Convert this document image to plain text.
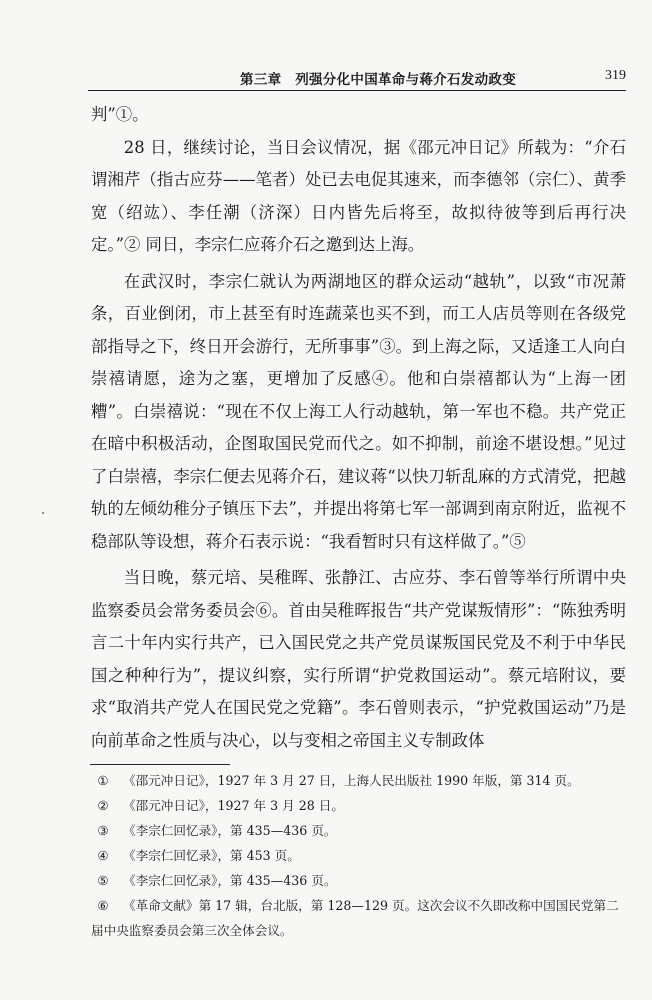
第三章　列强分化中国革命与蒋介石发动政变	319

判”①。

28 日，继续讨论，当日会议情况，据《邵元冲日记》所载为：“介石谓湘芹（指古应芬——笔者）处已去电促其速来，而李德邻（宗仁）、黄季宽（绍竑）、李任潮（济深）日内皆先后将至，故拟待彼等到后再行决定。”② 同日，李宗仁应蒋介石之邀到达上海。

在武汉时，李宗仁就认为两湖地区的群众运动“越轨”，以致“市况萧条，百业倒闭，市上甚至有时连蔬菜也买不到，而工人店员等则在各级党部指导之下，终日开会游行，无所事事”③。到上海之际，又适逢工人向白崇禧请愿，途为之塞，更增加了反感④。他和白崇禧都认为“上海一团糟”。白崇禧说：“现在不仅上海工人行动越轨，第一军也不稳。共产党正在暗中积极活动，企图取国民党而代之。如不抑制，前途不堪设想。”见过了白崇禧，李宗仁便去见蒋介石，建议蒋“以快刀斩乱麻的方式清党，把越轨的左倾幼稚分子镇压下去”，并提出将第七军一部调到南京附近，监视不稳部队等设想，蒋介石表示说：“我看暂时只有这样做了。”⑤

当日晚，蔡元培、吴稚晖、张静江、古应芬、李石曾等举行所谓中央监察委员会常务委员会⑥。首由吴稚晖报告“共产党谋叛情形”：“陈独秀明言二十年内实行共产，已入国民党之共产党员谋叛国民党及不利于中华民国之种种行为”，提议纠察，实行所谓“护党救国运动”。蔡元培附议，要求“取消共产党人在国民党之党籍”。李石曾则表示，“护党救国运动”乃是向前革命之性质与决心，以与变相之帝国主义专制政体

①	《邵元冲日记》，1927 年 3 月 27 日，上海人民出版社 1990 年版，第 314 页。
②	《邵元冲日记》，1927 年 3 月 28 日。
③	《李宗仁回忆录》，第 435—436 页。
④	《李宗仁回忆录》，第 453 页。
⑤	《李宗仁回忆录》，第 435—436 页。
⑥ 《革命文献》第 17 辑，台北版，第 128—129 页。这次会议不久即改称中国国民党第二届中央监察委员会第三次全体会议。
